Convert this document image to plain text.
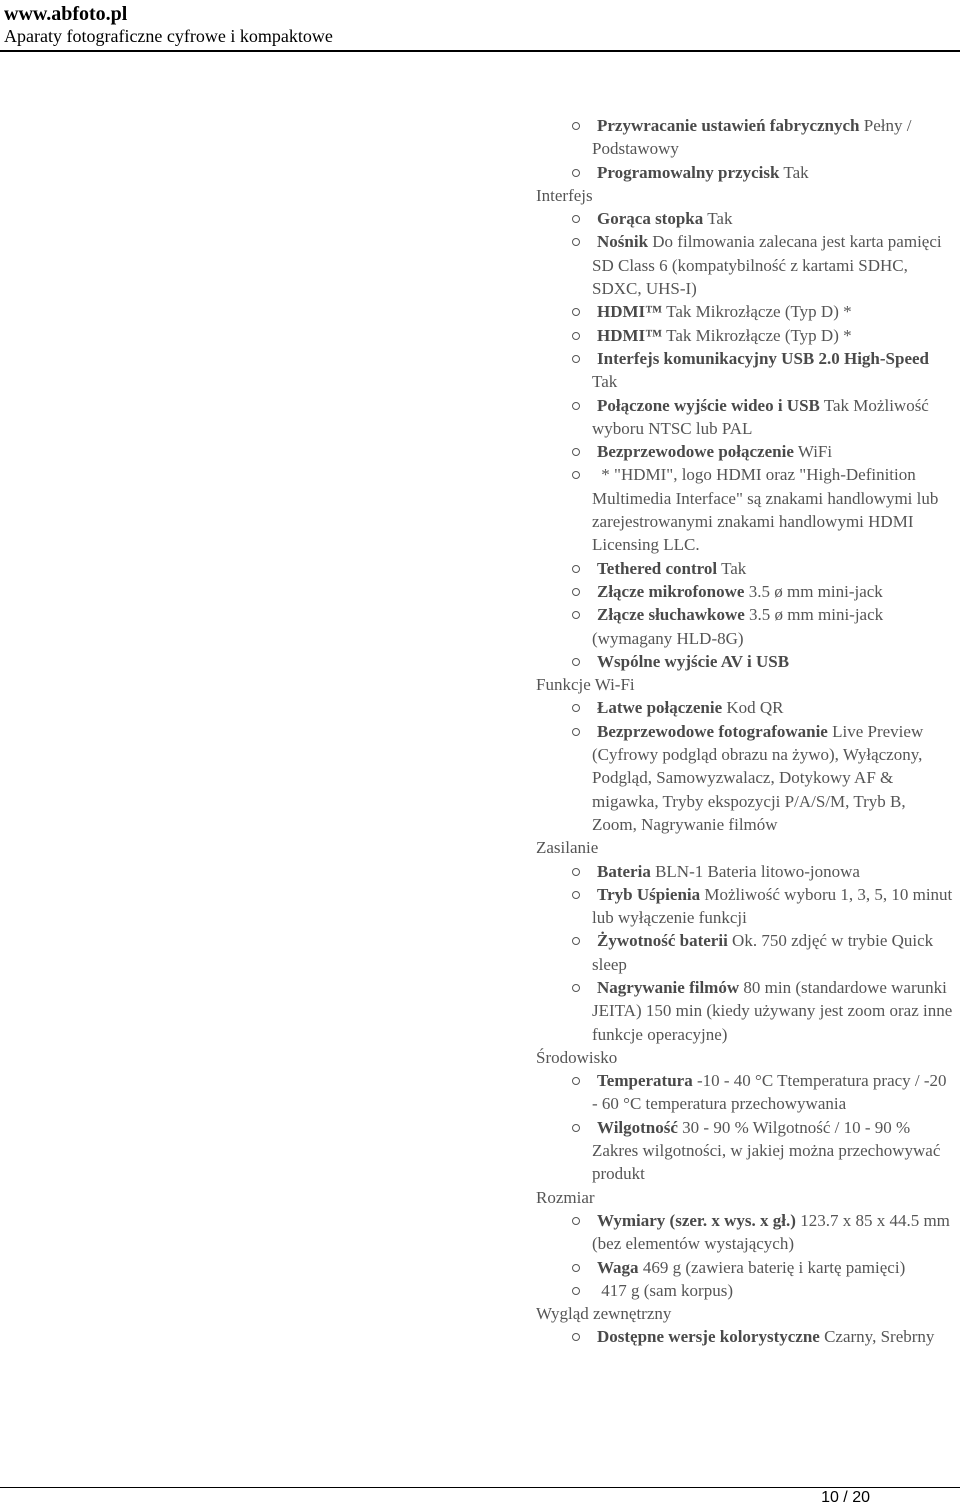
www.abfoto.pl
Aparaty fotograficzne cyfrowe i kompaktowe
Przywracanie ustawień fabrycznych Pełny / Podstawowy
Programowalny przycisk Tak
Interfejs
Gorąca stopka Tak
Nośnik Do filmowania zalecana jest karta pamięci SD Class 6 (kompatybilność z kartami SDHC, SDXC, UHS-I)
HDMI™ Tak Mikrozłącze (Typ D) *
HDMI™ Tak Mikrozłącze (Typ D) *
Interfejs komunikacyjny USB 2.0 High-Speed Tak
Połączone wyjście wideo i USB Tak Możliwość wyboru NTSC lub PAL
Bezprzewodowe połączenie WiFi
* "HDMI", logo HDMI oraz "High-Definition Multimedia Interface" są znakami handlowymi lub zarejestrowanymi znakami handlowymi HDMI Licensing LLC.
Tethered control Tak
Złącze mikrofonowe 3.5 ø mm mini-jack
Złącze słuchawkowe 3.5 ø mm mini-jack (wymagany HLD-8G)
Wspólne wyjście AV i USB
Funkcje Wi-Fi
Łatwe połączenie Kod QR
Bezprzewodowe fotografowanie Live Preview (Cyfrowy podgląd obrazu na żywo), Wyłączony, Podgląd, Samowyzwalacz, Dotykowy AF & migawka, Tryby ekspozycji P/A/S/M, Tryb B, Zoom, Nagrywanie filmów
Zasilanie
Bateria BLN-1 Bateria litowo-jonowa
Tryb Uśpienia Możliwość wyboru 1, 3, 5, 10 minut lub wyłączenie funkcji
Żywotność baterii Ok. 750 zdjęć w trybie Quick sleep
Nagrywanie filmów 80 min (standardowe warunki JEITA) 150 min (kiedy używany jest zoom oraz inne funkcje operacyjne)
Środowisko
Temperatura -10 - 40 °C Ttemperatura pracy / -20 - 60 °C temperatura przechowywania
Wilgotność 30 - 90 % Wilgotność / 10 - 90 % Zakres wilgotności, w jakiej można przechowywać produkt
Rozmiar
Wymiary (szer. x wys. x gł.) 123.7 x 85 x 44.5 mm (bez elementów wystających)
Waga 469 g (zawiera baterię i kartę pamięci)
417 g (sam korpus)
Wygląd zewnętrzny
Dostępne wersje kolorystyczne Czarny, Srebrny
10 / 20
